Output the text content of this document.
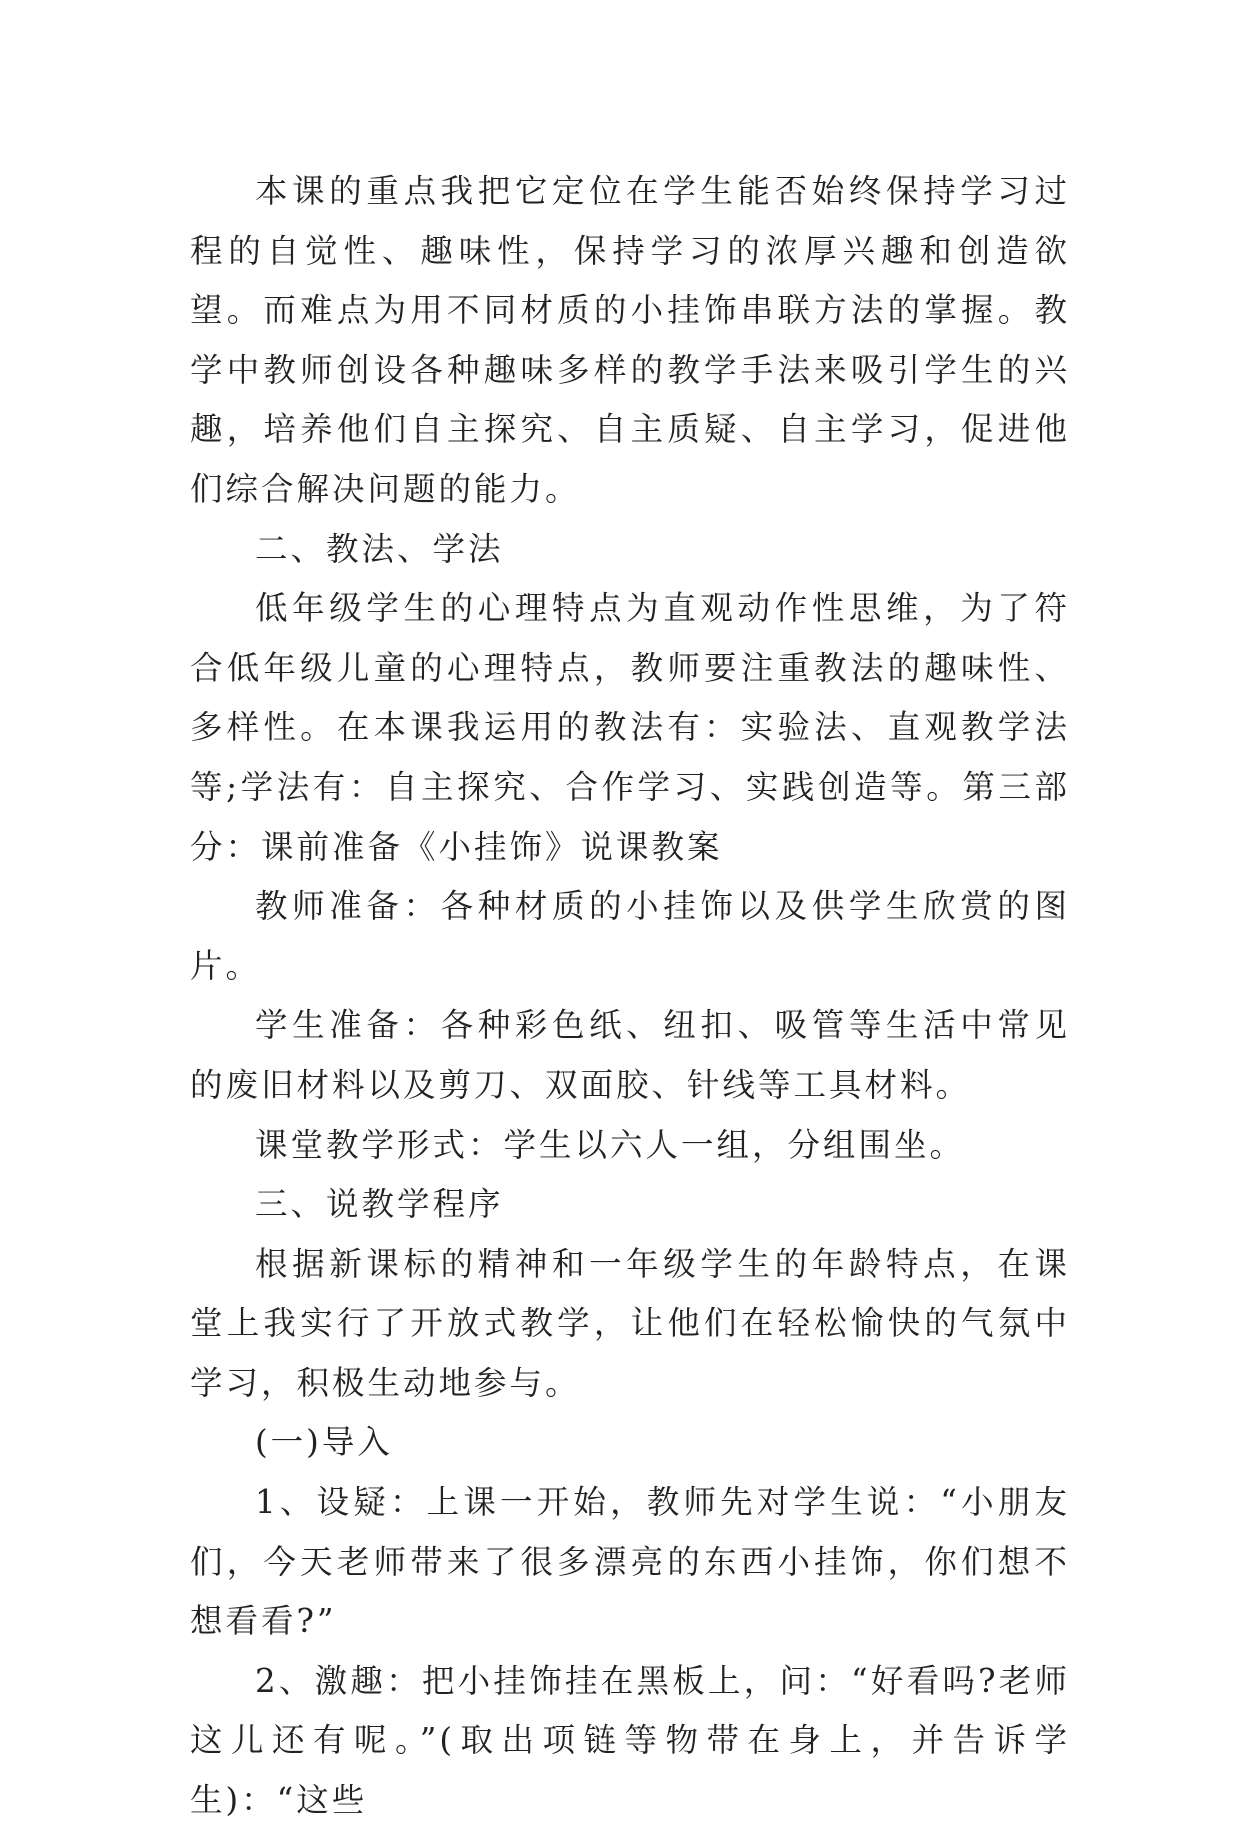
本课的重点我把它定位在学生能否始终保持学习过程的自觉性、趣味性，保持学习的浓厚兴趣和创造欲望。而难点为用不同材质的小挂饰串联方法的掌握。教学中教师创设各种趣味多样的教学手法来吸引学生的兴趣，培养他们自主探究、自主质疑、自主学习，促进他们综合解决问题的能力。

二、教法、学法

低年级学生的心理特点为直观动作性思维，为了符合低年级儿童的心理特点，教师要注重教法的趣味性、多样性。在本课我运用的教法有：实验法、直观教学法等;学法有：自主探究、合作学习、实践创造等。第三部分：课前准备《小挂饰》说课教案

教师准备：各种材质的小挂饰以及供学生欣赏的图片。

学生准备：各种彩色纸、纽扣、吸管等生活中常见的废旧材料以及剪刀、双面胶、针线等工具材料。

课堂教学形式：学生以六人一组，分组围坐。

三、说教学程序

根据新课标的精神和一年级学生的年龄特点，在课堂上我实行了开放式教学，让他们在轻松愉快的气氛中学习，积极生动地参与。

(一)导入

1、设疑：上课一开始，教师先对学生说：“小朋友们，今天老师带来了很多漂亮的东西小挂饰，你们想不想看看?”

2、激趣：把小挂饰挂在黑板上，问：“好看吗?老师这儿还有呢。”(取出项链等物带在身上，并告诉学生)：“这些
